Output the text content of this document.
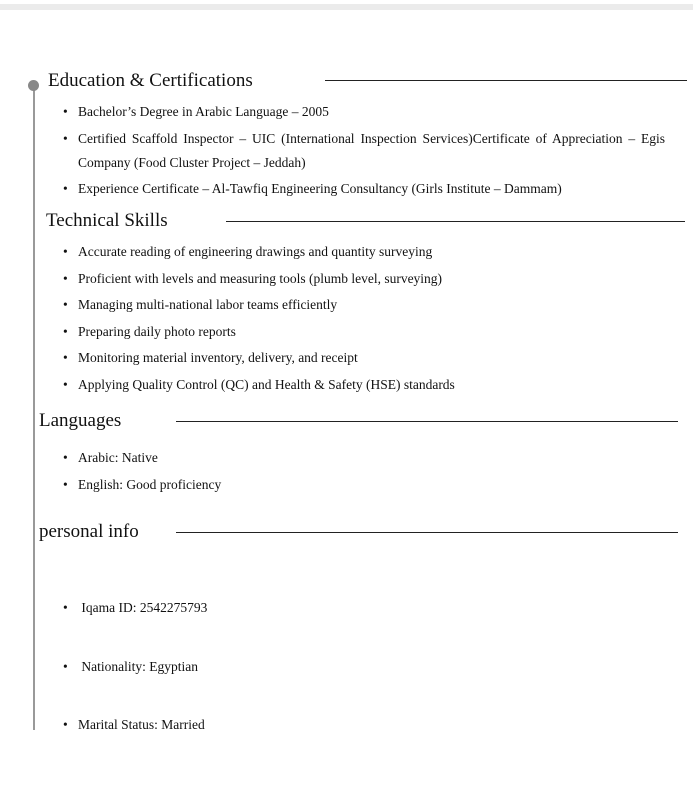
Education & Certifications
• Bachelor’s Degree in Arabic Language – 2005
• Certified Scaffold Inspector – UIC (International Inspection Services)Certificate of Appreciation – Egis Company (Food Cluster Project – Jeddah)
• Experience Certificate – Al-Tawfiq Engineering Consultancy (Girls Institute – Dammam)
Technical Skills
• Accurate reading of engineering drawings and quantity surveying
• Proficient with levels and measuring tools (plumb level, surveying)
• Managing multi-national labor teams efficiently
• Preparing daily photo reports
• Monitoring material inventory, delivery, and receipt
• Applying Quality Control (QC) and Health & Safety (HSE) standards
Languages
• Arabic: Native
• English: Good proficiency
personal info

•  Iqama ID: 2542275793

•  Nationality: Egyptian

• Marital Status: Married
